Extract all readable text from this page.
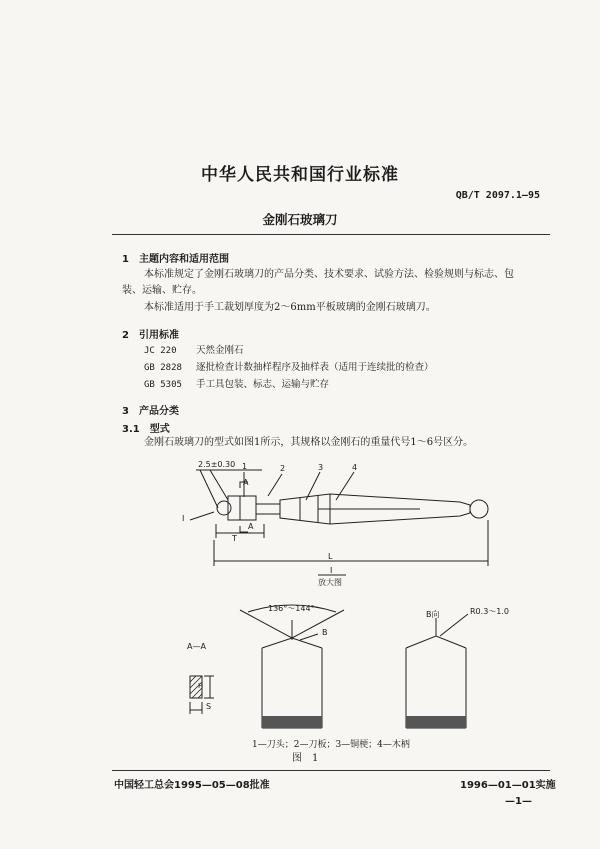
中华人民共和国行业标准
QB/T 2097.1—95
金刚石玻璃刀
1　主题内容和适用范围
本标准规定了金刚石玻璃刀的产品分类、技术要求、试验方法、检验规则与标志、包
装、运输、贮存。
本标准适用于手工裁划厚度为2～6mm平板玻璃的金刚石玻璃刀。
2　引用标准
JC 220 天然金刚石
GB 2828 逐批检查计数抽样程序及抽样表（适用于连续批的检查）
GB 5305 手工具包装、标志、运输与贮存
3　产品分类
3.1　型式
金刚石玻璃刀的型式如图1所示，其规格以金刚石的重量代号1～6号区分。
2.5±0.30 1	2	3	4
A
A
T
I
L
I
放大图
136°～144°
B
B向	R0.3～1.0
A—A
H
S
1—刀头；2—刀板；3—铜梗；4—木柄
图　1
中国轻工总会1995—05—08批准	1996—01—01实施
—1—
